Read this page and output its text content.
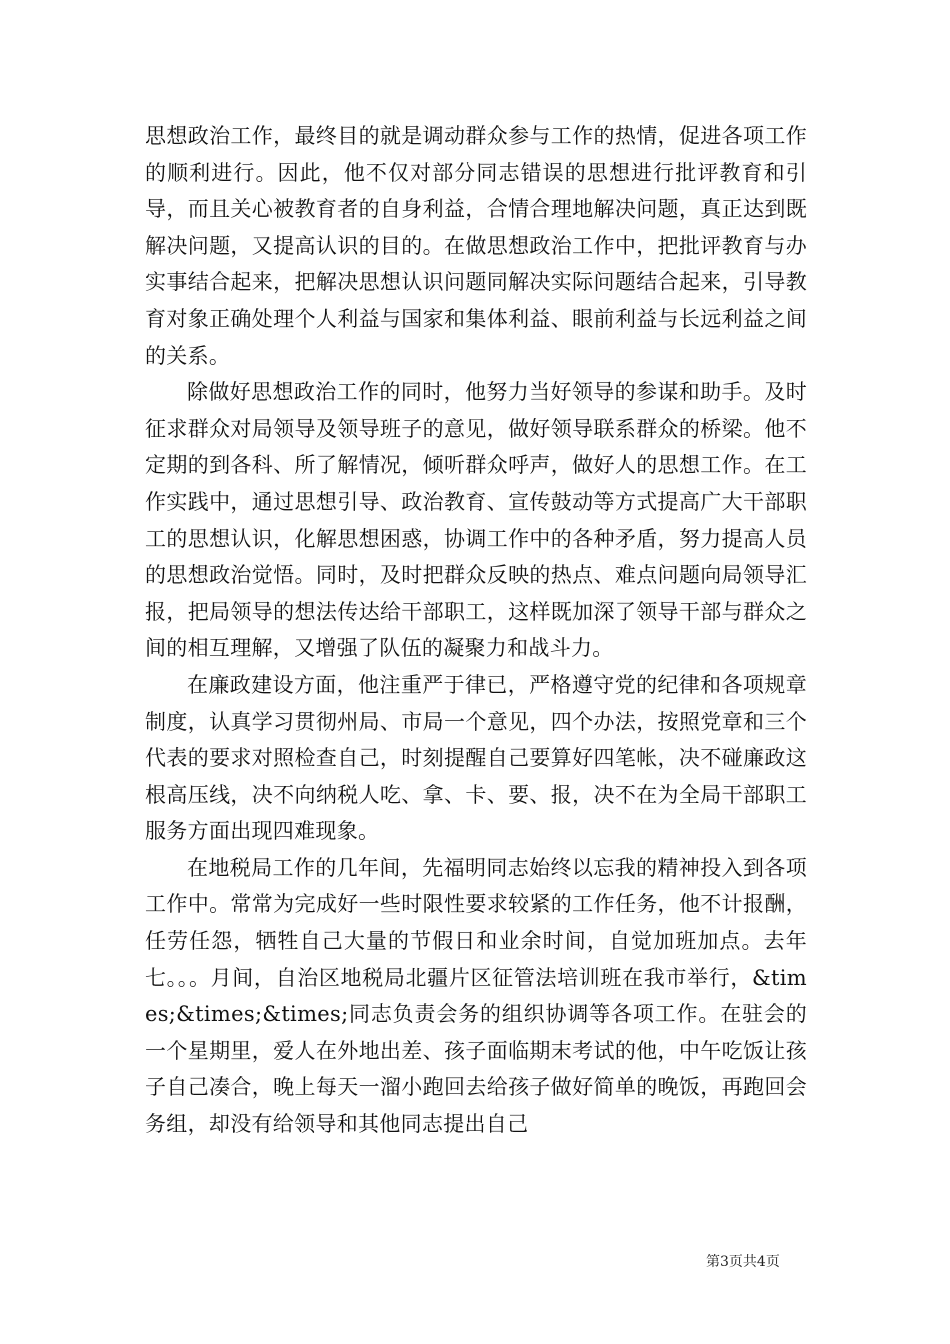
思想政治工作，最终目的就是调动群众参与工作的热情，促进各项工作的顺利进行。因此，他不仅对部分同志错误的思想进行批评教育和引导，而且关心被教育者的自身利益，合情合理地解决问题，真正达到既解决问题，又提高认识的目的。在做思想政治工作中，把批评教育与办实事结合起来，把解决思想认识问题同解决实际问题结合起来，引导教育对象正确处理个人利益与国家和集体利益、眼前利益与长远利益之间的关系。

除做好思想政治工作的同时，他努力当好领导的参谋和助手。及时征求群众对局领导及领导班子的意见，做好领导联系群众的桥梁。他不定期的到各科、所了解情况，倾听群众呼声，做好人的思想工作。在工作实践中，通过思想引导、政治教育、宣传鼓动等方式提高广大干部职工的思想认识，化解思想困惑，协调工作中的各种矛盾，努力提高人员的思想政治觉悟。同时，及时把群众反映的热点、难点问题向局领导汇报，把局领导的想法传达给干部职工，这样既加深了领导干部与群众之间的相互理解，又增强了队伍的凝聚力和战斗力。

在廉政建设方面，他注重严于律已，严格遵守党的纪律和各项规章制度，认真学习贯彻州局、市局一个意见，四个办法，按照党章和三个代表的要求对照检查自己，时刻提醒自己要算好四笔帐，决不碰廉政这根高压线，决不向纳税人吃、拿、卡、要、报，决不在为全局干部职工服务方面出现四难现象。

在地税局工作的几年间，先福明同志始终以忘我的精神投入到各项工作中。常常为完成好一些时限性要求较紧的工作任务，他不计报酬，任劳任怨，牺牲自己大量的节假日和业余时间，自觉加班加点。去年七。。。月间，自治区地税局北疆片区征管法培训班在我市举行，&times;&times;&times;同志负责会务的组织协调等各项工作。在驻会的一个星期里，爱人在外地出差、孩子面临期末考试的他，中午吃饭让孩子自己凑合，晚上每天一溜小跑回去给孩子做好简单的晚饭，再跑回会务组，却没有给领导和其他同志提出自己

第3页共4页
